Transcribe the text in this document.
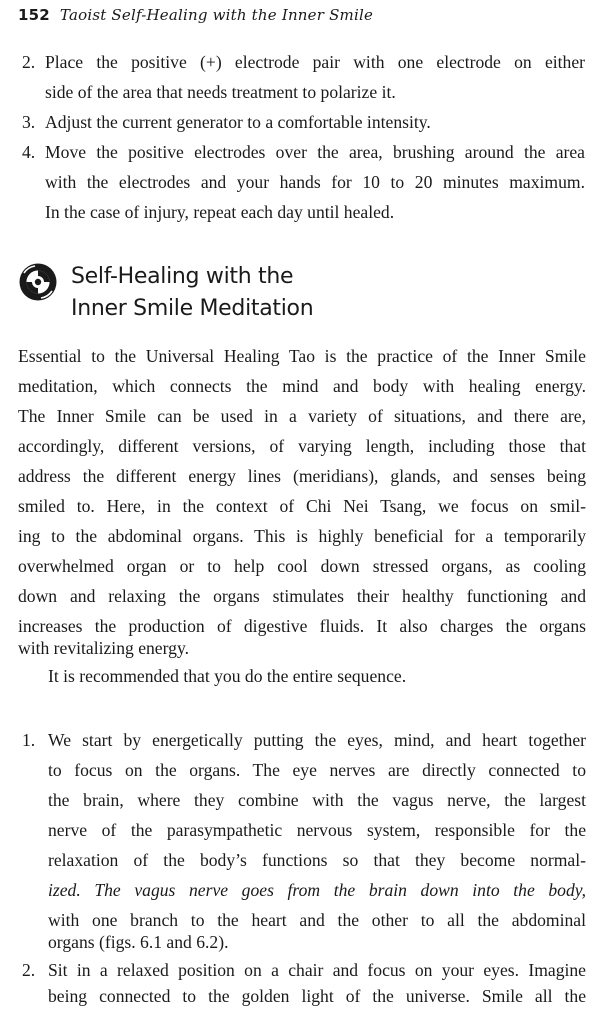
152 Taoist Self-Healing with the Inner Smile
2. Place the positive (+) electrode pair with one electrode on either
side of the area that needs treatment to polarize it.
3. Adjust the current generator to a comfortable intensity.
4. Move the positive electrodes over the area, brushing around the area
with the electrodes and your hands for 10 to 20 minutes maximum.
In the case of injury, repeat each day until healed.
Self-Healing with the
Inner Smile Meditation
Essential to the Universal Healing Tao is the practice of the Inner Smile
meditation, which connects the mind and body with healing energy.
The Inner Smile can be used in a variety of situations, and there are,
accordingly, different versions, of varying length, including those that
address the different energy lines (meridians), glands, and senses being
smiled to. Here, in the context of Chi Nei Tsang, we focus on smil-
ing to the abdominal organs. This is highly beneficial for a temporarily
overwhelmed organ or to help cool down stressed organs, as cooling
down and relaxing the organs stimulates their healthy functioning and
increases the production of digestive fluids. It also charges the organs
with revitalizing energy.
It is recommended that you do the entire sequence.
1. We start by energetically putting the eyes, mind, and heart together
to focus on the organs. The eye nerves are directly connected to
the brain, where they combine with the vagus nerve, the largest
nerve of the parasympathetic nervous system, responsible for the
relaxation of the body’s functions so that they become normal-
ized. The vagus nerve goes from the brain down into the body,
with one branch to the heart and the other to all the abdominal
organs (figs. 6.1 and 6.2).
2. Sit in a relaxed position on a chair and focus on your eyes. Imagine
being connected to the golden light of the universe. Smile all the
